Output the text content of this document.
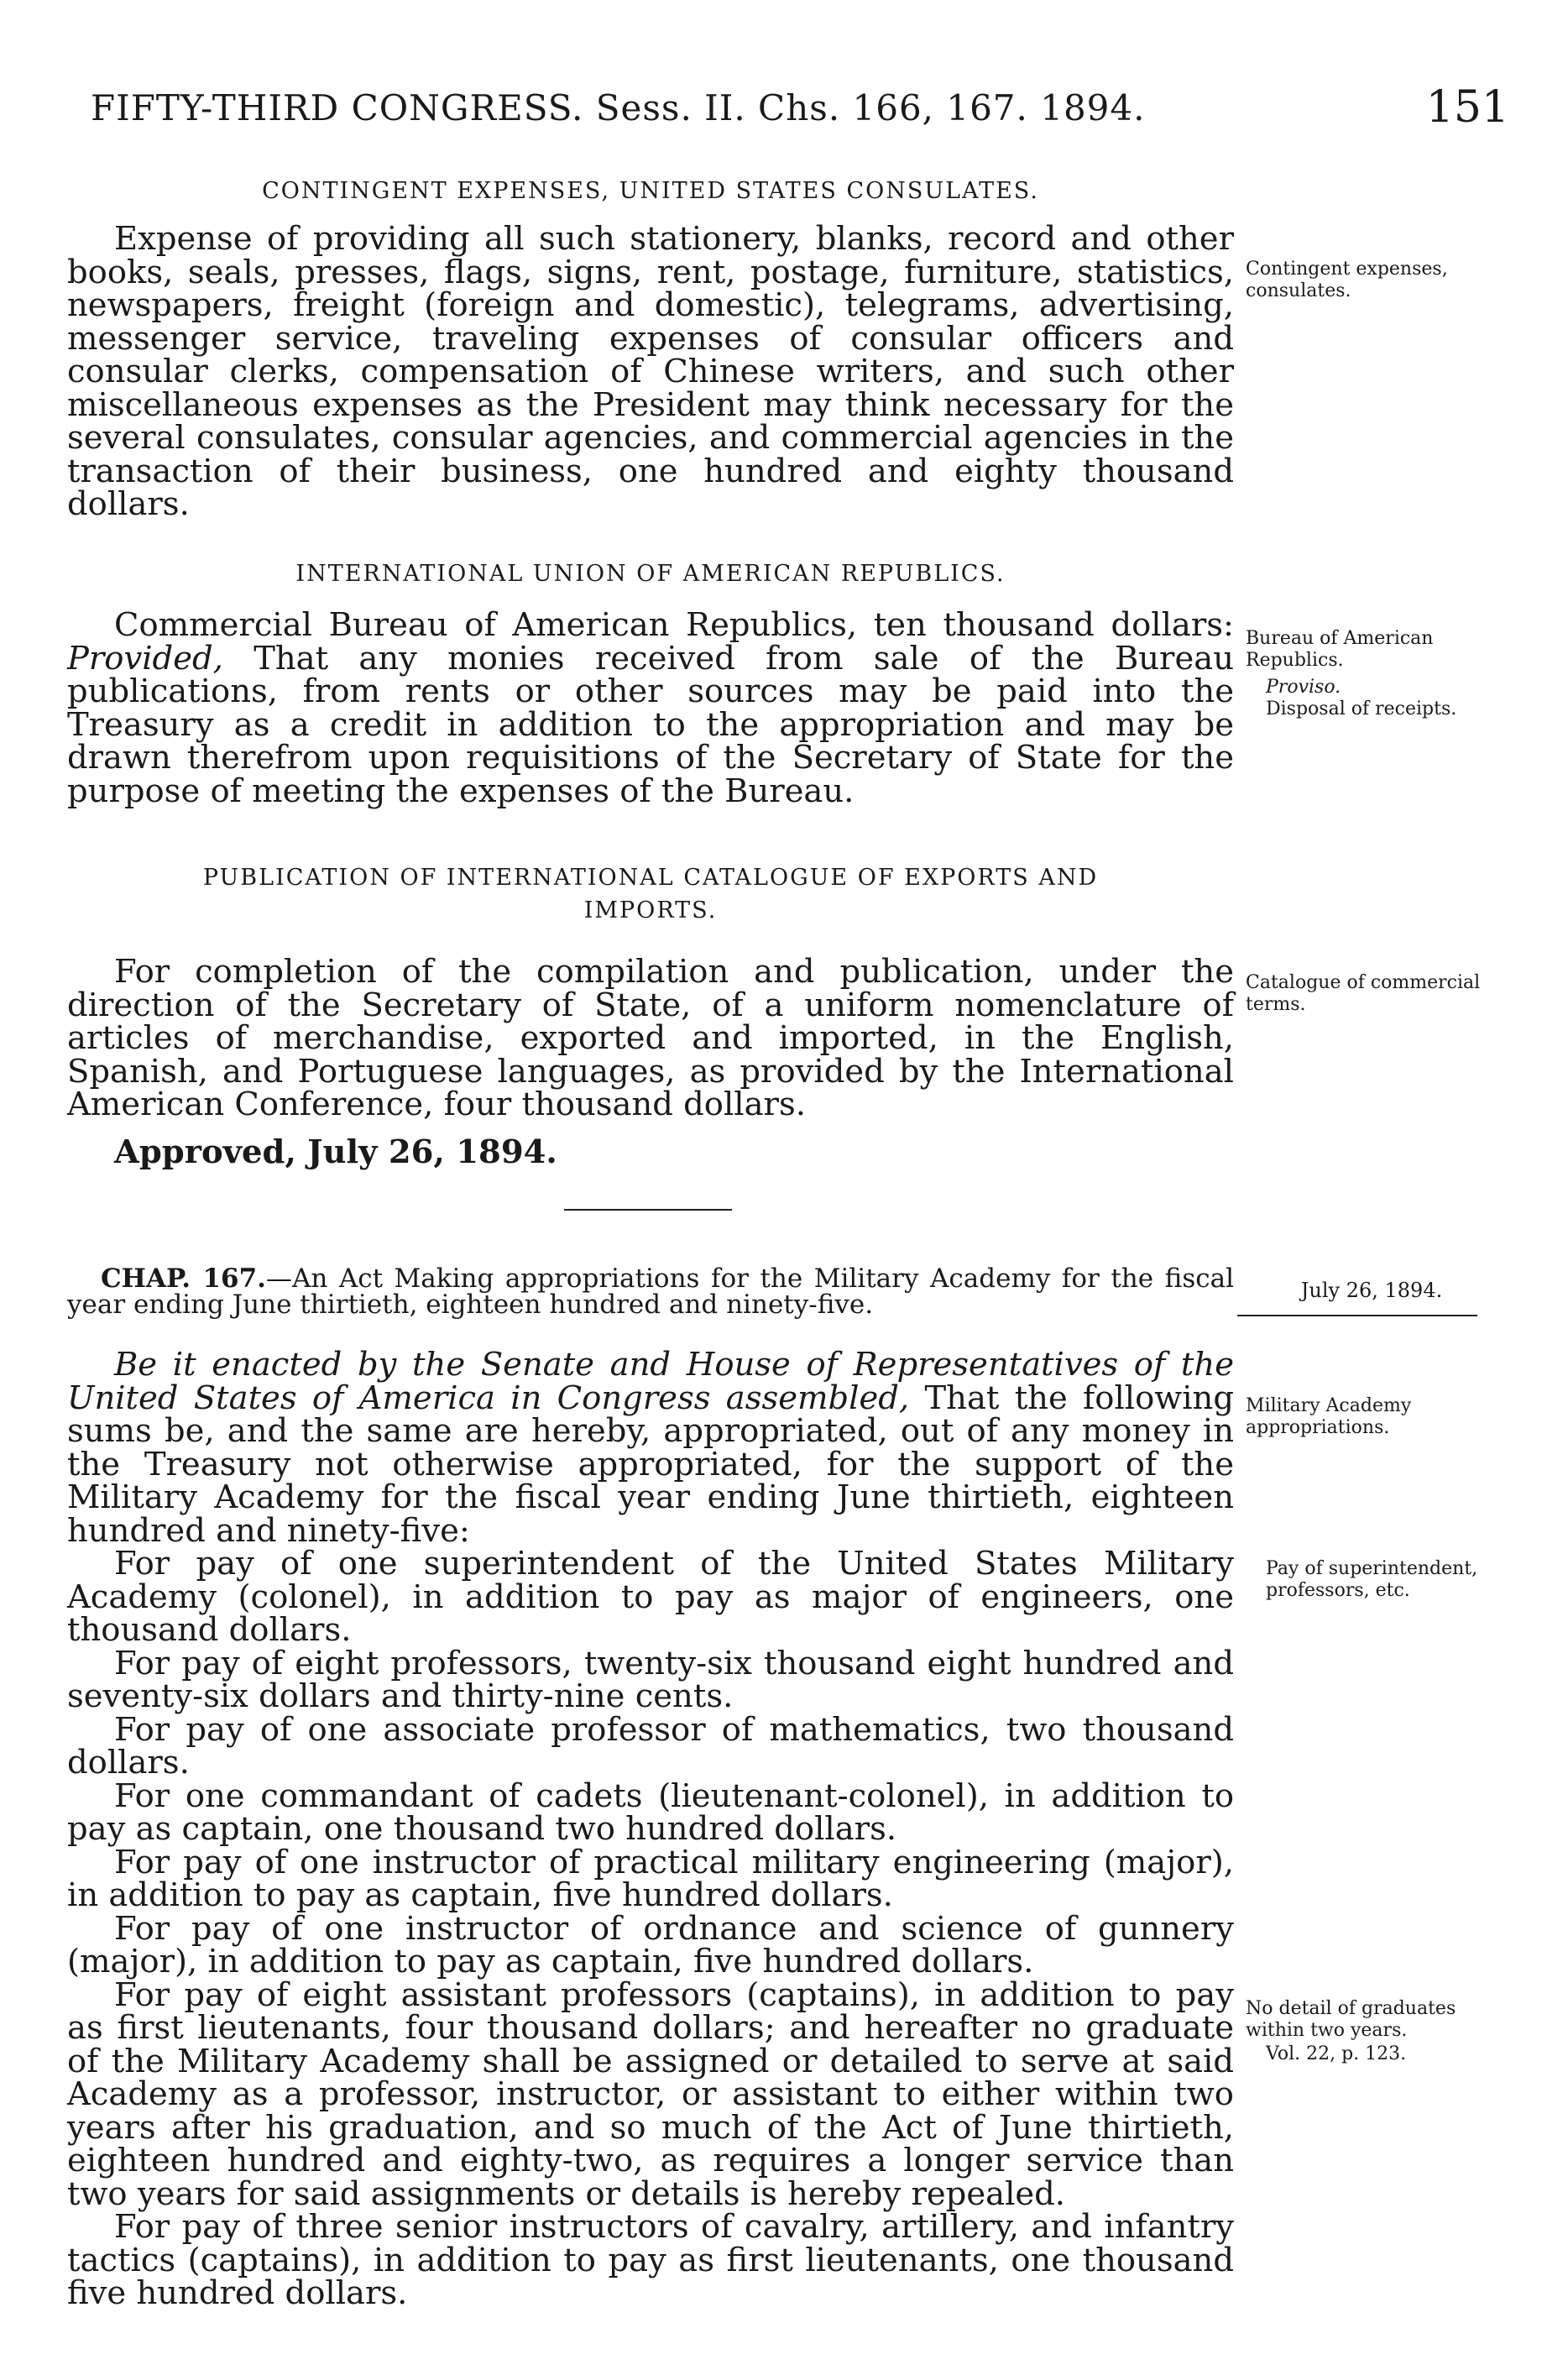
FIFTY-THIRD CONGRESS. Sess. II. Chs. 166, 167. 1894.	151

CONTINGENT EXPENSES, UNITED STATES CONSULATES.

Expense of providing all such stationery, blanks, record and other books, seals, presses, flags, signs, rent, postage, furniture, statistics, newspapers, freight (foreign and domestic), telegrams, advertising, messenger service, traveling expenses of consular officers and consular clerks, compensation of Chinese writers, and such other miscellaneous expenses as the President may think necessary for the several consulates, consular agencies, and commercial agencies in the transaction of their business, one hundred and eighty thousand dollars.

Contingent expenses, consulates.

INTERNATIONAL UNION OF AMERICAN REPUBLICS.

Commercial Bureau of American Republics, ten thousand dollars: Provided, That any monies received from sale of the Bureau publications, from rents or other sources may be paid into the Treasury as a credit in addition to the appropriation and may be drawn therefrom upon requisitions of the Secretary of State for the purpose of meeting the expenses of the Bureau.

Bureau of American Republics.
Proviso.
Disposal of receipts.

PUBLICATION OF INTERNATIONAL CATALOGUE OF EXPORTS AND

IMPORTS.

For completion of the compilation and publication, under the direction of the Secretary of State, of a uniform nomenclature of articles of merchandise, exported and imported, in the English, Spanish, and Portuguese languages, as provided by the International American Conference, four thousand dollars.

Approved, July 26, 1894.

Catalogue of commercial terms.

CHAP. 167.—An Act Making appropriations for the Military Academy for the fiscal year ending June thirtieth, eighteen hundred and ninety-five.

Be it enacted by the Senate and House of Representatives of the United States of America in Congress assembled, That the following sums be, and the same are hereby, appropriated, out of any money in the Treasury not otherwise appropriated, for the support of the Military Academy for the fiscal year ending June thirtieth, eighteen hundred and ninety-five:

For pay of one superintendent of the United States Military Academy (colonel), in addition to pay as major of engineers, one thousand dollars.

For pay of eight professors, twenty-six thousand eight hundred and seventy-six dollars and thirty-nine cents.

For pay of one associate professor of mathematics, two thousand dollars.

For one commandant of cadets (lieutenant-colonel), in addition to pay as captain, one thousand two hundred dollars.

For pay of one instructor of practical military engineering (major), in addition to pay as captain, five hundred dollars.

For pay of one instructor of ordnance and science of gunnery (major), in addition to pay as captain, five hundred dollars.

For pay of eight assistant professors (captains), in addition to pay as first lieutenants, four thousand dollars; and hereafter no graduate of the Military Academy shall be assigned or detailed to serve at said Academy as a professor, instructor, or assistant to either within two years after his graduation, and so much of the Act of June thirtieth, eighteen hundred and eighty-two, as requires a longer service than two years for said assignments or details is hereby repealed.

For pay of three senior instructors of cavalry, artillery, and infantry tactics (captains), in addition to pay as first lieutenants, one thousand five hundred dollars.

July 26, 1894.
Military Academy appropriations.
Pay of superintendent, professors, etc.
No detail of graduates within two years.
Vol. 22, p. 123.
